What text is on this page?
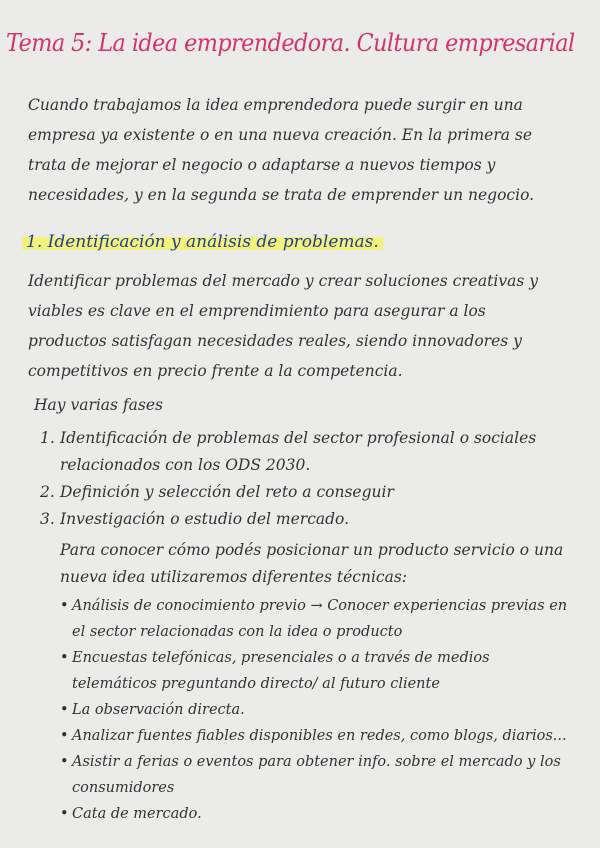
Tema 5: La idea emprendedora. Cultura empresarial
Cuando trabajamos la idea emprendedora puede surgir en una empresa ya existente o en una nueva creación. En la primera se trata de mejorar el negocio o adaptarse a nuevos tiempos y necesidades, y en la segunda se trata de emprender un negocio.
1. Identificación y análisis de problemas.
Identificar problemas del mercado y crear soluciones creativas y viables es clave en el emprendimiento para asegurar a los productos satisfagan necesidades reales, siendo innovadores y competitivos en precio frente a la competencia.
Hay varias fases
1. Identificación de problemas del sector profesional o sociales relacionados con los ODS 2030.
2. Definición y selección del reto a conseguir
3. Investigación o estudio del mercado.
Para conocer cómo podés posicionar un producto servicio o una nueva idea utilizaremos diferentes técnicas:
• Análisis de conocimiento previo → Conocer experiencias previas en el sector relacionadas con la idea o producto
• Encuestas telefónicas, presenciales o a través de medios telemáticos preguntando directo/ al futuro cliente
• La observación directa.
• Analizar fuentes fiables disponibles en redes, como blogs, diarios...
• Asistir a ferias o eventos para obtener info. sobre el mercado y los consumidores
• Cata de mercado.
